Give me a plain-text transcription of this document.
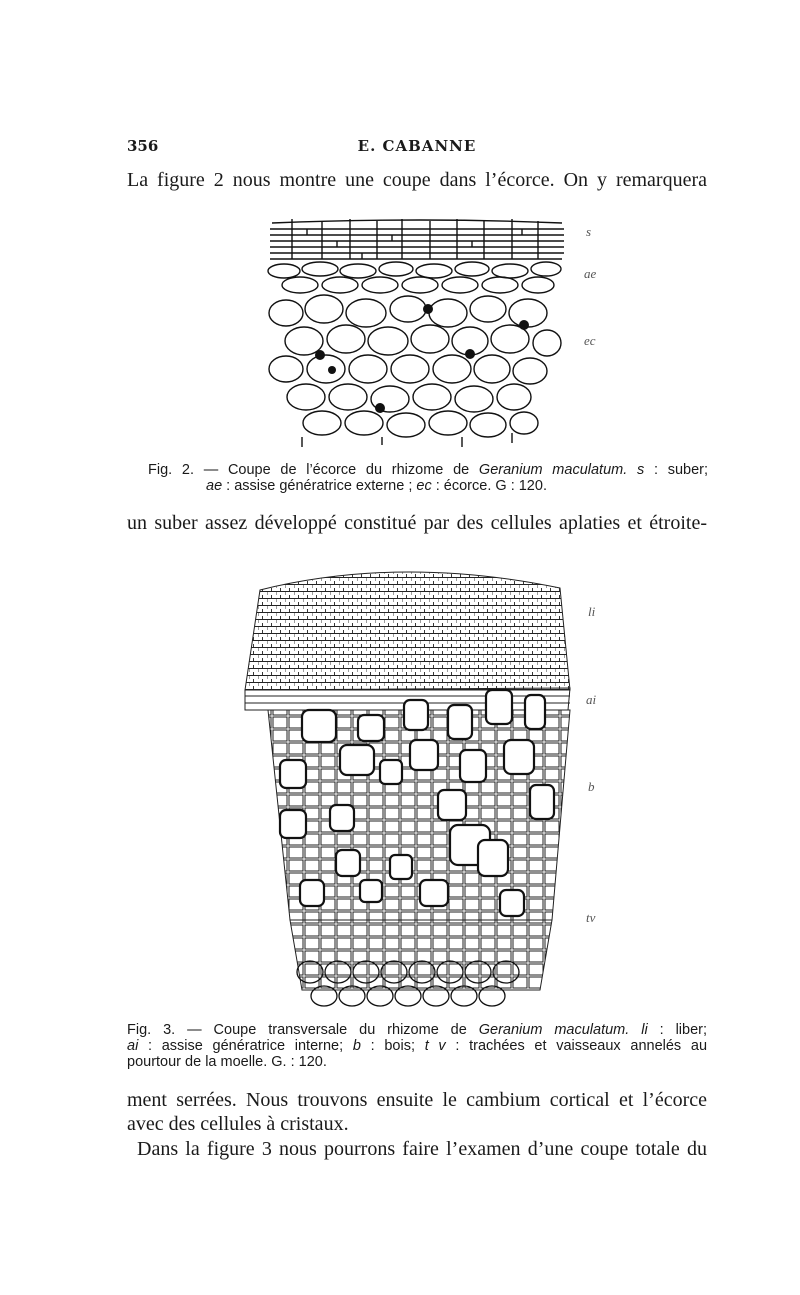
356	E. CABANNE
La figure 2 nous montre une coupe dans l’écorce. On y remarquera
s
ae
ec
Fig. 2. — Coupe de l’écorce du rhizome de Geranium maculatum. s : suber;
ae : assise génératrice externe ; ec : écorce. G : 120.
un suber assez développé constitué par des cellules aplaties et étroite-
li
ai
b
tv
Fig. 3. — Coupe transversale du rhizome de Geranium maculatum. li : liber;
ai : assise génératrice interne; b : bois; t v : trachées et vaisseaux annelés au
pourtour de la moelle. G. : 120.
ment serrées. Nous trouvons ensuite le cambium cortical et l’écorce
avec des cellules à cristaux.
Dans la figure 3 nous pourrons faire l’examen d’une coupe totale du
